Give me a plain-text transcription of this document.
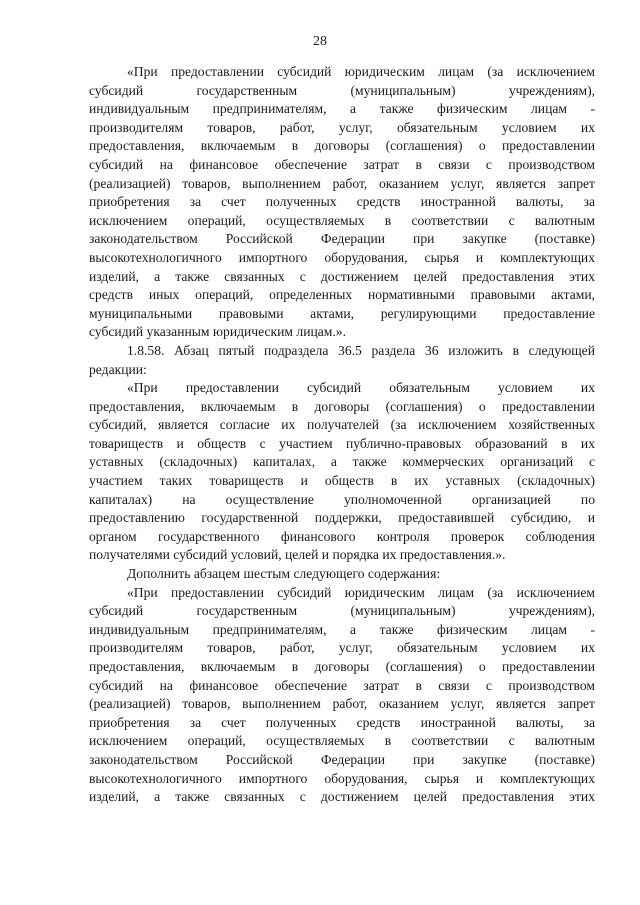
28
«При предоставлении субсидий юридическим лицам (за исключением
субсидий государственным (муниципальным) учреждениям),
индивидуальным предпринимателям, а также физическим лицам -
производителям товаров, работ, услуг, обязательным условием их
предоставления, включаемым в договоры (соглашения) о предоставлении
субсидий на финансовое обеспечение затрат в связи с производством
(реализацией) товаров, выполнением работ, оказанием услуг, является запрет
приобретения за счет полученных средств иностранной валюты, за
исключением операций, осуществляемых в соответствии с валютным
законодательством Российской Федерации при закупке (поставке)
высокотехнологичного импортного оборудования, сырья и комплектующих
изделий, а также связанных с достижением целей предоставления этих
средств иных операций, определенных нормативными правовыми актами,
муниципальными правовыми актами, регулирующими предоставление
субсидий указанным юридическим лицам.».
1.8.58. Абзац пятый подраздела 36.5 раздела 36 изложить в следующей
редакции:
«При предоставлении субсидий обязательным условием их
предоставления, включаемым в договоры (соглашения) о предоставлении
субсидий, является согласие их получателей (за исключением хозяйственных
товариществ и обществ с участием публично-правовых образований в их
уставных (складочных) капиталах, а также коммерческих организаций с
участием таких товариществ и обществ в их уставных (складочных)
капиталах) на осуществление уполномоченной организацией по
предоставлению государственной поддержки, предоставившей субсидию, и
органом государственного финансового контроля проверок соблюдения
получателями субсидий условий, целей и порядка их предоставления.».
Дополнить абзацем шестым следующего содержания:
«При предоставлении субсидий юридическим лицам (за исключением
субсидий государственным (муниципальным) учреждениям),
индивидуальным предпринимателям, а также физическим лицам -
производителям товаров, работ, услуг, обязательным условием их
предоставления, включаемым в договоры (соглашения) о предоставлении
субсидий на финансовое обеспечение затрат в связи с производством
(реализацией) товаров, выполнением работ, оказанием услуг, является запрет
приобретения за счет полученных средств иностранной валюты, за
исключением операций, осуществляемых в соответствии с валютным
законодательством Российской Федерации при закупке (поставке)
высокотехнологичного импортного оборудования, сырья и комплектующих
изделий, а также связанных с достижением целей предоставления этих
